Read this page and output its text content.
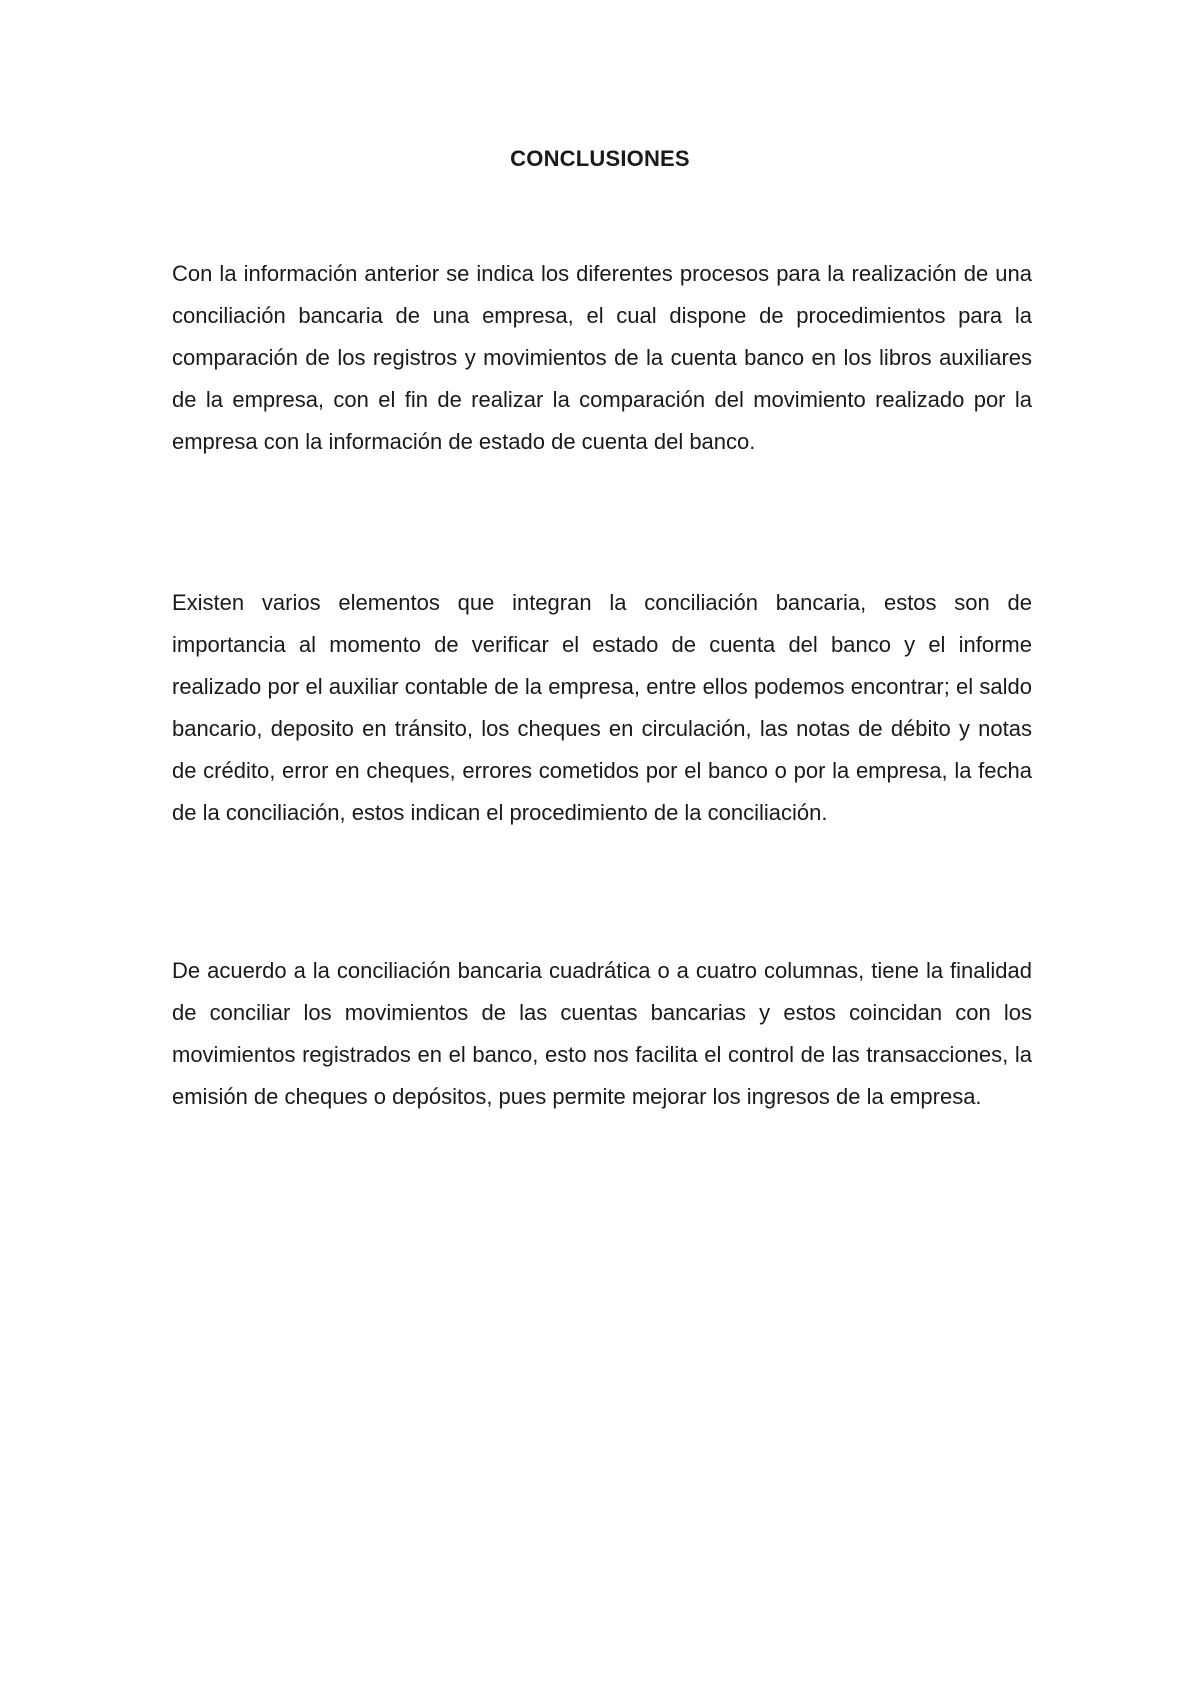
CONCLUSIONES

Con la información anterior se indica los diferentes procesos para la realización de una conciliación bancaria de una empresa, el cual dispone de procedimientos para la comparación de los registros y movimientos de la cuenta banco en los libros auxiliares de la empresa, con el fin de realizar la comparación del movimiento realizado por la empresa con la información de estado de cuenta del banco.

Existen varios elementos que integran la conciliación bancaria, estos son de importancia al momento de verificar el estado de cuenta del banco y el informe realizado por el auxiliar contable de la empresa, entre ellos podemos encontrar; el saldo bancario, deposito en tránsito, los cheques en circulación, las notas de débito y notas de crédito, error en cheques, errores cometidos por el banco o por la empresa, la fecha de la conciliación, estos indican el procedimiento de la conciliación.

De acuerdo a la conciliación bancaria cuadrática o a cuatro columnas, tiene la finalidad de conciliar los movimientos de las cuentas bancarias y estos coincidan con los movimientos registrados en el banco, esto nos facilita el control de las transacciones, la emisión de cheques o depósitos, pues permite mejorar los ingresos de la empresa.
